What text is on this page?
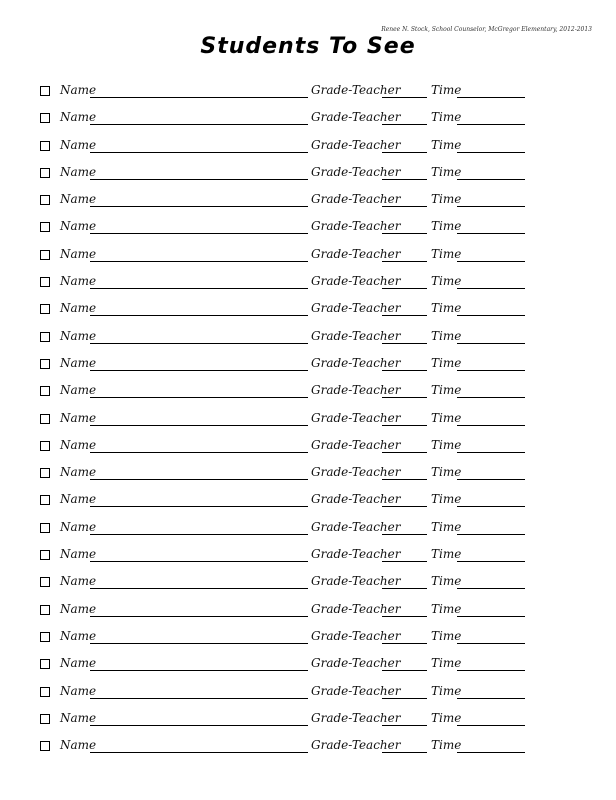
Renee N. Stock, School Counselor, McGregor Elementary, 2012-2013
Students To See
Name	Grade-Teacher	Time
Name	Grade-Teacher	Time
Name	Grade-Teacher	Time
Name	Grade-Teacher	Time
Name	Grade-Teacher	Time
Name	Grade-Teacher	Time
Name	Grade-Teacher	Time
Name	Grade-Teacher	Time
Name	Grade-Teacher	Time
Name	Grade-Teacher	Time
Name	Grade-Teacher	Time
Name	Grade-Teacher	Time
Name	Grade-Teacher	Time
Name	Grade-Teacher	Time
Name	Grade-Teacher	Time
Name	Grade-Teacher	Time
Name	Grade-Teacher	Time
Name	Grade-Teacher	Time
Name	Grade-Teacher	Time
Name	Grade-Teacher	Time
Name	Grade-Teacher	Time
Name	Grade-Teacher	Time
Name	Grade-Teacher	Time
Name	Grade-Teacher	Time
Name	Grade-Teacher	Time
